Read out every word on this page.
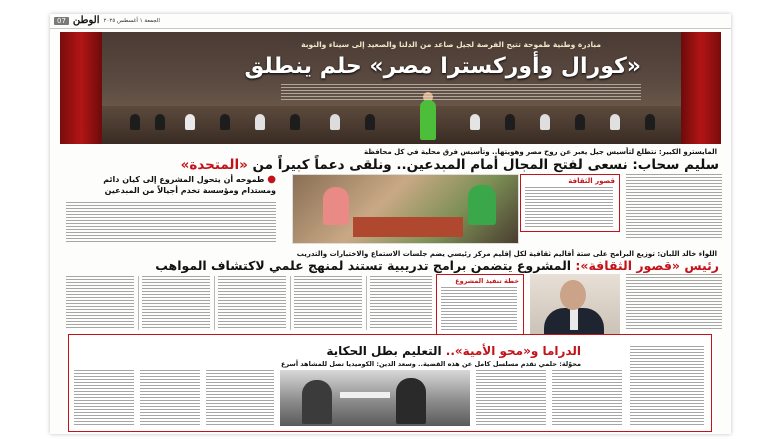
07 الوطن الجمعة ١ أغسطس ٢٠٢٥
مبادرة وطنية طموحة تتيح الفرصة لجيل صاعد من الدلتا والصعيد إلى سيناء والنوبة
«كورال وأوركسترا مصر» حلم ينطلق
المايسترو الكبير: نتطلع لتأسيس جيل يعبر عن روح مصر وهويتها.. وتأسيس فرق محلية في كل محافظة
سليم سحاب: نسعى لفتح المجال أمام المبدعين.. ونلقى دعماً كبيراً من «المتحدة»
● طموحه أن يتحول المشروع إلى كيان دائم ومستدام ومؤسسة تخدم أجيالاً من المبدعين
قصور الثقافة
اللواء خالد اللبان: توزيع البرامج على ستة أقاليم ثقافية لكل إقليم مركز رئيسي يضم جلسات الاستماع والاختبارات والتدريب
رئيس «قصور الثقافة»: المشروع يتضمن برامج تدريبية تستند لمنهج علمي لاكتشاف المواهب
خطة تنفيذ المشروع
الدراما و«محو الأمية».. التعليم بطل الحكاية
محوّلة: حلمي تقدم مسلسل كامل عن هذه القضية.. وسعد الدين: الكوميديا تصل للمشاهد أسرع
